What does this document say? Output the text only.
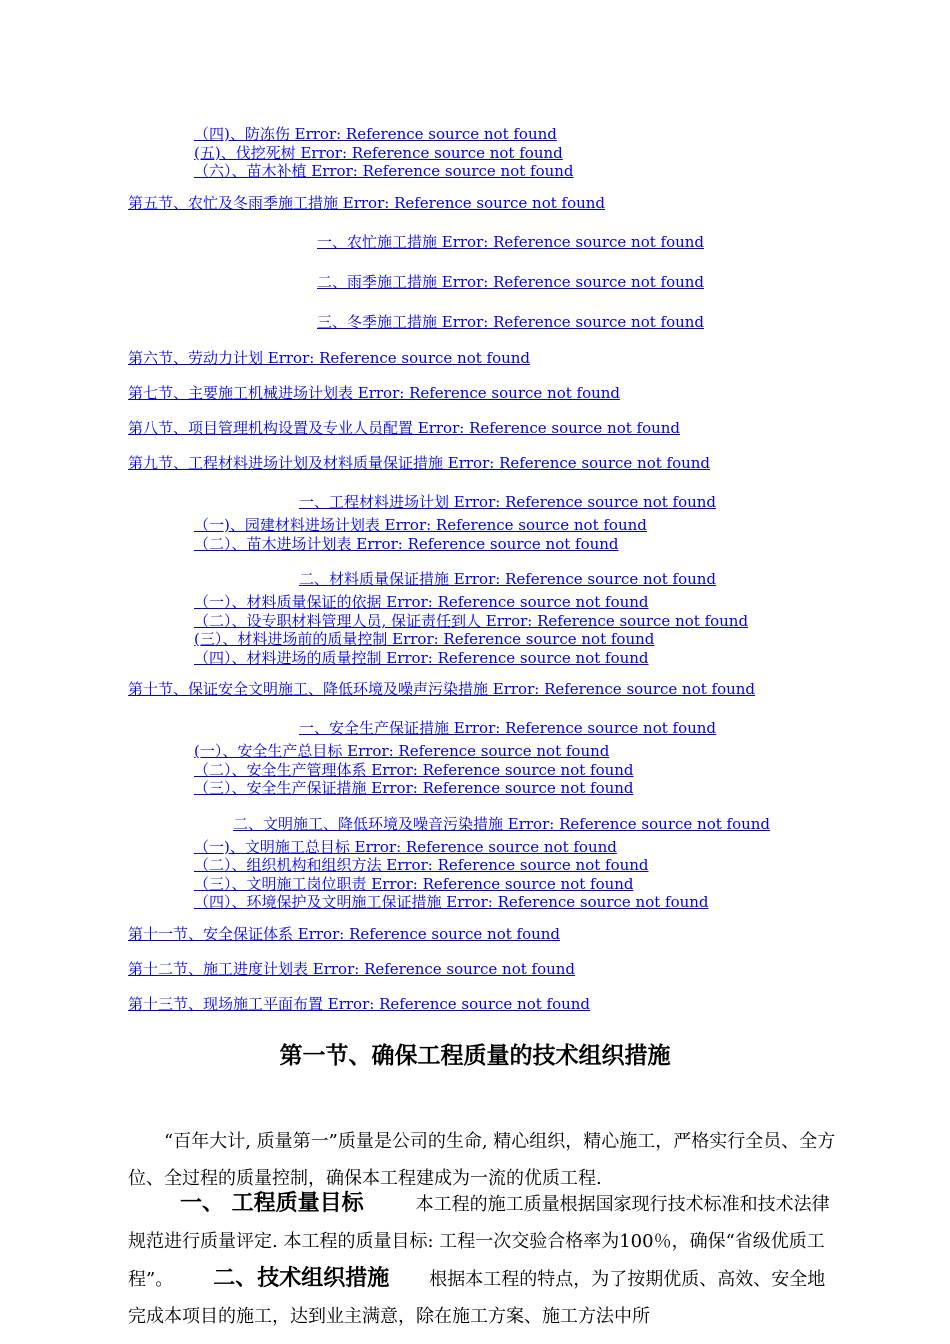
（四)、防冻伤 Error: Reference source not found
(五)、伐挖死树 Error: Reference source not found
（六）、苗木补植 Error: Reference source not found
第五节、农忙及冬雨季施工措施 Error: Reference source not found
一、农忙施工措施 Error: Reference source not found
二、雨季施工措施 Error: Reference source not found
三、冬季施工措施 Error: Reference source not found
第六节、劳动力计划 Error: Reference source not found
第七节、主要施工机械进场计划表 Error: Reference source not found
第八节、项目管理机构设置及专业人员配置 Error: Reference source not found
第九节、工程材料进场计划及材料质量保证措施 Error: Reference source not found
一、工程材料进场计划 Error: Reference source not found
（一)、园建材料进场计划表 Error: Reference source not found
（二）、苗木进场计划表 Error: Reference source not found
二、材料质量保证措施 Error: Reference source not found
（一）、材料质量保证的依据 Error: Reference source not found
（二）、设专职材料管理人员, 保证责任到人 Error: Reference source not found
(三）、材料进场前的质量控制 Error: Reference source not found
（四）、材料进场的质量控制 Error: Reference source not found
第十节、保证安全文明施工、降低环境及噪声污染措施 Error: Reference source not found
一、安全生产保证措施 Error: Reference source not found
(一）、安全生产总目标 Error: Reference source not found
（二）、安全生产管理体系 Error: Reference source not found
（三）、安全生产保证措施 Error: Reference source not found
二、文明施工、降低环境及噪音污染措施 Error: Reference source not found
（一)、文明施工总目标 Error: Reference source not found
（二）、组织机构和组织方法 Error: Reference source not found
（三）、文明施工岗位职责 Error: Reference source not found
（四）、环境保护及文明施工保证措施 Error: Reference source not found
第十一节、安全保证体系 Error: Reference source not found
第十二节、施工进度计划表 Error: Reference source not found
第十三节、现场施工平面布置 Error: Reference source not found
第一节、确保工程质量的技术组织措施

“百年大计, 质量第一”质量是公司的生命, 精心组织，精心施工，严格实行全员、全方位、全过程的质量控制，确保本工程建成为一流的优质工程.

一、 工程质量目标	本工程的施工质量根据国家现行技术标准和技术法律规范进行质量评定. 本工程的质量目标: 工程一次交验合格率为100％，确保“省级优质工程”。 二、技术组织措施 根据本工程的特点，为了按期优质、高效、安全地完成本项目的施工，达到业主满意，除在施工方案、施工方法中所
